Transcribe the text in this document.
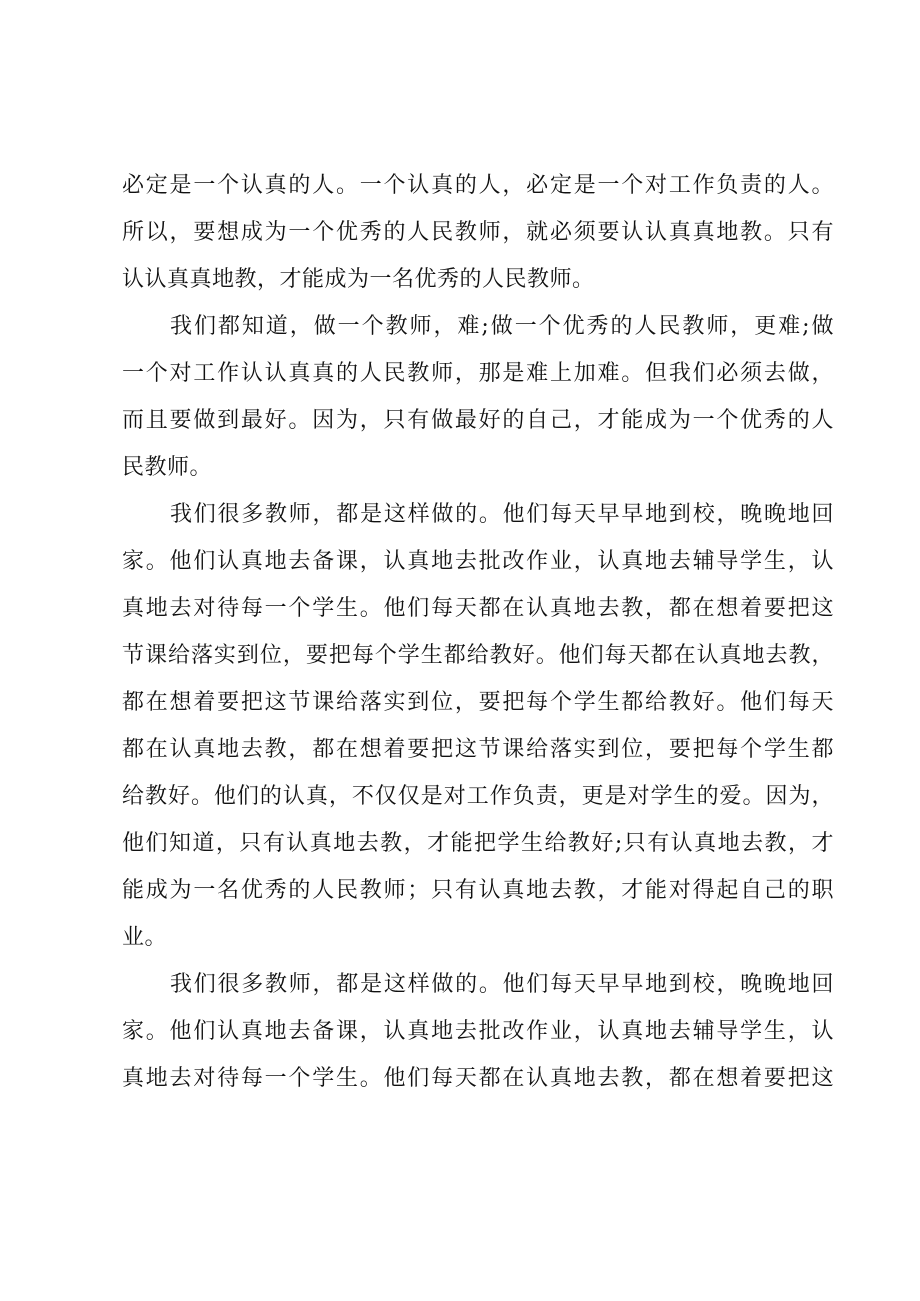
必定是一个认真的人。一个认真的人，必定是一个对工作负责的人。
所以，要想成为一个优秀的人民教师，就必须要认认真真地教。只有
认认真真地教，才能成为一名优秀的人民教师。
我们都知道，做一个教师，难;做一个优秀的人民教师，更难;做
一个对工作认认真真的人民教师，那是难上加难。但我们必须去做，
而且要做到最好。因为，只有做最好的自己，才能成为一个优秀的人
民教师。
我们很多教师，都是这样做的。他们每天早早地到校，晚晚地回
家。他们认真地去备课，认真地去批改作业，认真地去辅导学生，认
真地去对待每一个学生。他们每天都在认真地去教，都在想着要把这
节课给落实到位，要把每个学生都给教好。他们每天都在认真地去教，
都在想着要把这节课给落实到位，要把每个学生都给教好。他们每天
都在认真地去教，都在想着要把这节课给落实到位，要把每个学生都
给教好。他们的认真，不仅仅是对工作负责，更是对学生的爱。因为，
他们知道，只有认真地去教，才能把学生给教好;只有认真地去教，才
能成为一名优秀的人民教师；只有认真地去教，才能对得起自己的职
业。
我们很多教师，都是这样做的。他们每天早早地到校，晚晚地回
家。他们认真地去备课，认真地去批改作业，认真地去辅导学生，认
真地去对待每一个学生。他们每天都在认真地去教，都在想着要把这
